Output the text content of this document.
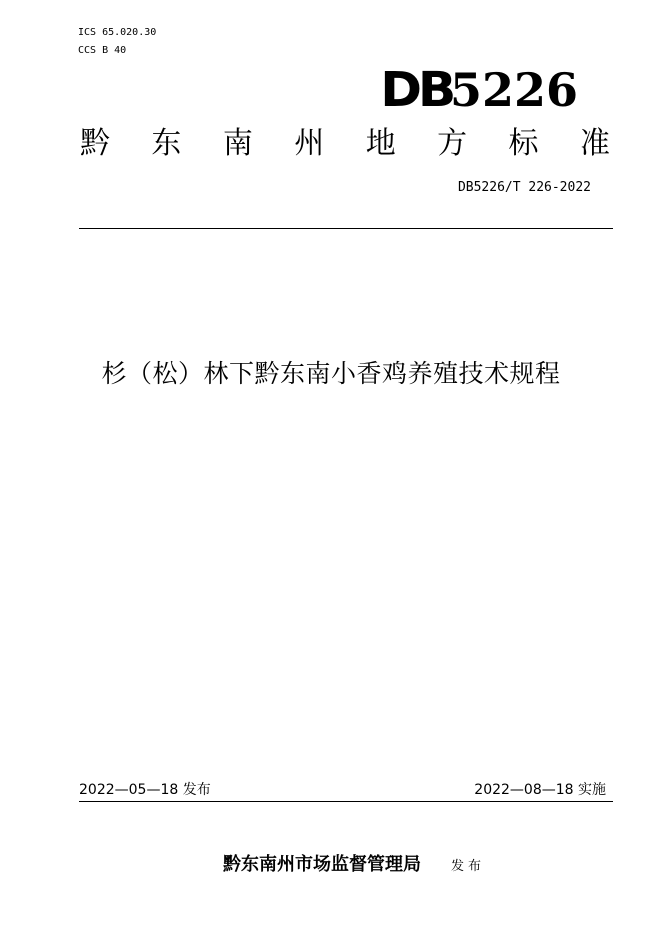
ICS 65.020.30
CCS B 40
DB
5226
黔 东 南 州 地 方 标 准
DB5226/T 226-2022
杉（松）林下黔东南小香鸡养殖技术规程
2022—05—18 发布	2022—08—18 实施
黔东南州市场监督管理局 发布
